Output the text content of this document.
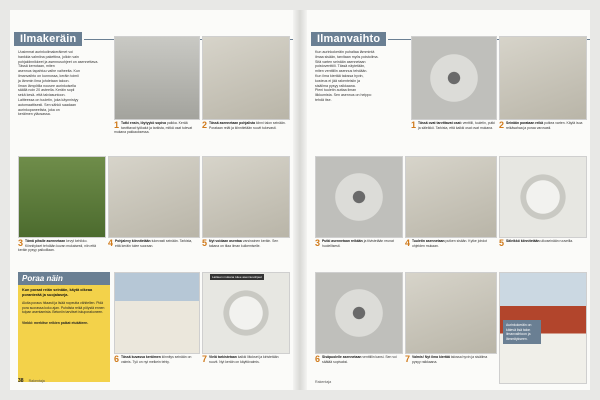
Ilmakeräin
Uusimmat aurinkoilmakeräimet voi
hankkia valmiina pakettina, jolloin vain
pohjakiinnikkeet ja asennusohjeet on asennettava.
Tässä kerrotaan, miten
asennus tapahtuu vaihe vaiheelta. Kun
ilmanvaihto on kunnossa, keräin toimii
ja lämmin ilma johdetaan taloon.
Ilman lämpötila nousee aurinkoisella
säällä noin 20 asteella. Keräin sopii
sekä kesä- että talviasuntoon.
Laitteessa on tuuletin, joka käynnistyy
automaattisesti. Sen sähkö saadaan
aurinkopaneelista, joka on
keräimen yläosassa.
1 Tutki ensin, löytyykö sopiva paikka. Kerää tarvittavat työkalut ja tarkista, mitkä osat tulevat mukana pakkauksessa.
2 Tässä asennetaan pohjalista kiinni talon seinään. Porataan reiät ja kiinnitetään ruuvit tukevasti.
3 Tämä pihalle asennetaan kevyt kehikko. Kiinnitykset tehdään kuvan mukaisesti, niin että keräin pysyy paikoillaan.
4 Pohjalevy kiinnitetään tukevasti seinään. Tarkista, että keräin tulee suoraan.	5 Nyt voidaan asentaa varsinainen keräin. Sen takana on tilaa ilman kulkemiselle.
Poraa näin
Kun poraat reiän seinään, käytä oikeaa poranterää ja suojalaseja.
Aloita poraus hitaasti ja lisää nopeutta vähitellen. Pidä pora suorassa koko ajan. Puhdista reikä pölystä ennen tulpan asentamista. Betoniin tarvitset iskuporakoneen.
Vinkki: merkitse reikien paikat etukäteen.
Laitteen mukana tulee asennusohjeet
6 Tässä kuvassa keräimen kiinnitys seinään on valmis. Työ on nyt melkein tehty.	7 Vielä tarkistetaan kaikki liitokset ja kiristetään ruuvit. Nyt keräin on käyttövalmis.
38 Rakentaja
Ilmanvaihto
Kun aurinkokeräin puhaltaa lämmintä
ilmaa sisään, tarvitaan myös poistoilma.
Sitä varten seinään asennetaan
poistoventtiili. Tässä näytetään,
miten venttiilin asennus tehdään.
Kun ilma kiertää talossa hyvin,
kosteus ei jää rakenteisiin ja
sisäilma pysyy raikkaana.
Pieni tuuletin auttaa ilman
liikkumista. Sen asennus on helppo
tehdä itse.
1 Tässä ovat tarvittavat osat: venttiili, tuuletin, putki ja säleikkö. Tarkista, että kaikki osat ovat mukana. 2 Seinään porataan reikä putkea varten. Käytä isoa reikäsahaa ja poraa varovasti.
3 Putki asennetaan reikään ja tiivistetään reunat huolellisesti.	4 Tuuletin asennetaan putken sisään. Kytke johdot ohjeiden mukaan.	5 Säleikkö kiinnitetään ulkoseinään ruuveilla.
Aurinkokeräin on kätevä lisä talon ilmanvaihtoon ja lämmitykseen.
6 Sisäpuolelle asennetaan venttiilin kansi. Sen voi säätää sopivaksi.	7 Valmis! Nyt ilma kiertää talossa hyvin ja sisäilma pysyy raikkaana.
Rakentaja
